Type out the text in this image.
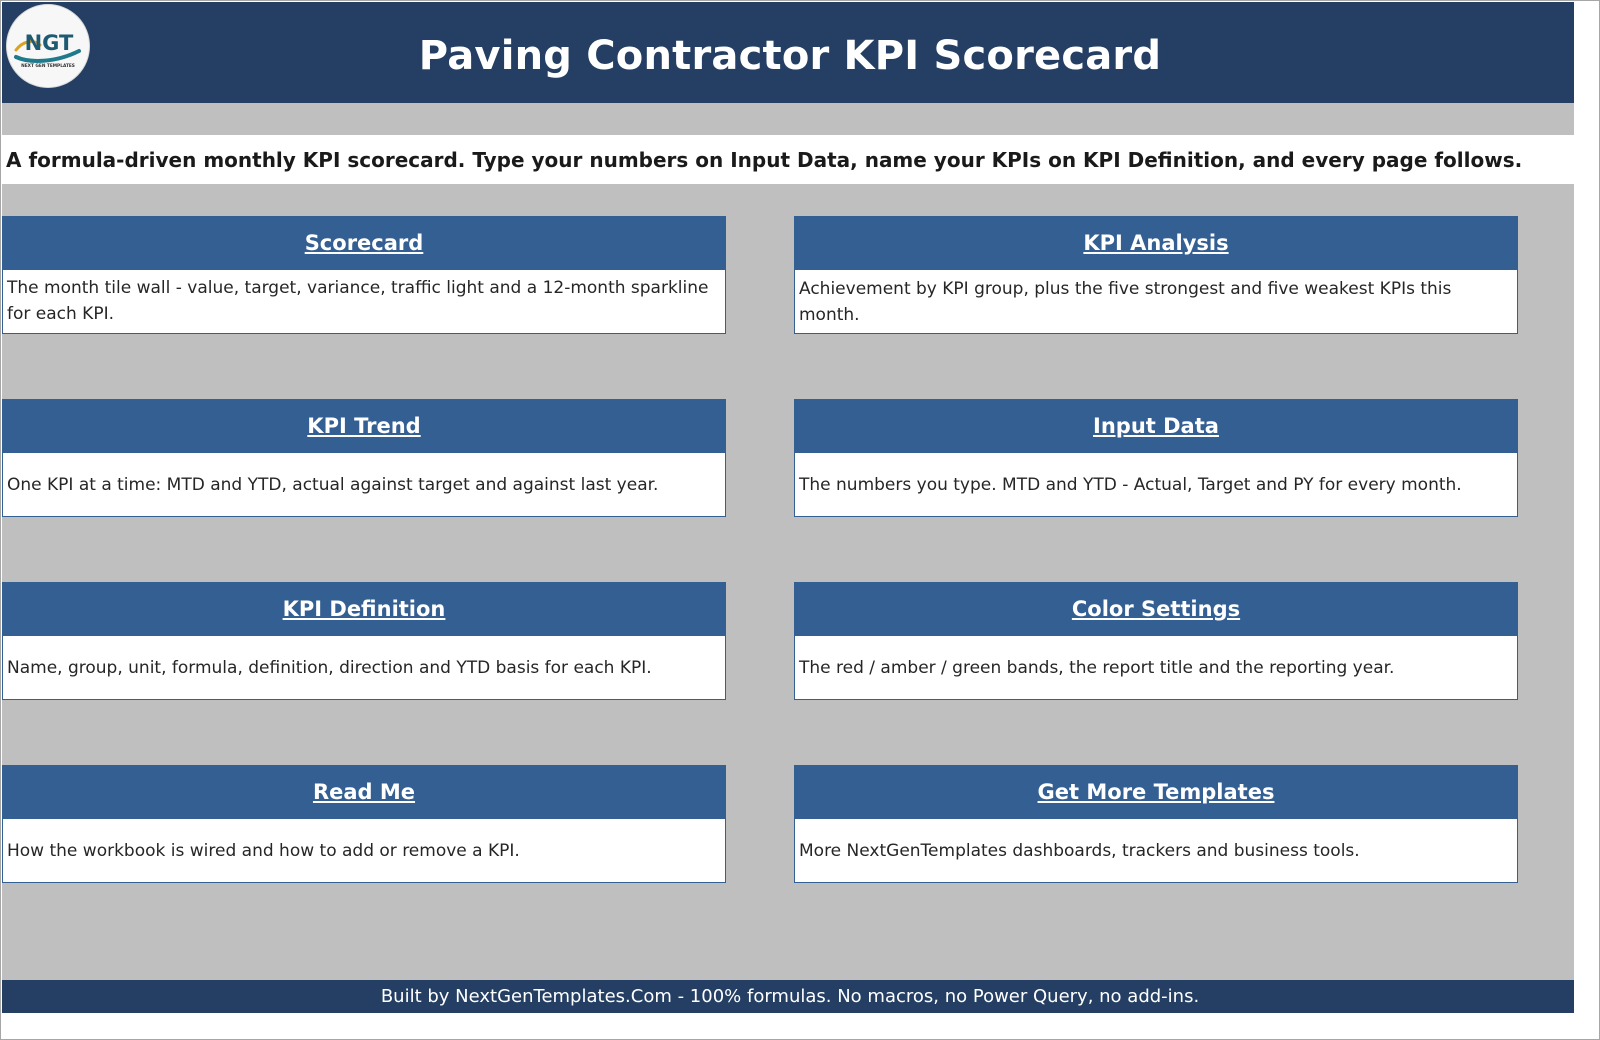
NGT
NEXT GEN TEMPLATES	Paving Contractor KPI Scorecard
A formula-driven monthly KPI scorecard. Type your numbers on Input Data, name your KPIs on KPI Definition, and every page follows.
Scorecard
The month tile wall - value, target, variance, traffic light and a 12-month sparkline for each KPI.
KPI Analysis
Achievement by KPI group, plus the five strongest and five weakest KPIs this month.
KPI Trend
One KPI at a time: MTD and YTD, actual against target and against last year.
Input Data
The numbers you type. MTD and YTD - Actual, Target and PY for every month.
KPI Definition
Name, group, unit, formula, definition, direction and YTD basis for each KPI.
Color Settings
The red / amber / green bands, the report title and the reporting year.
Read Me
How the workbook is wired and how to add or remove a KPI.
Get More Templates
More NextGenTemplates dashboards, trackers and business tools.
Built by NextGenTemplates.Com - 100% formulas. No macros, no Power Query, no add-ins.
